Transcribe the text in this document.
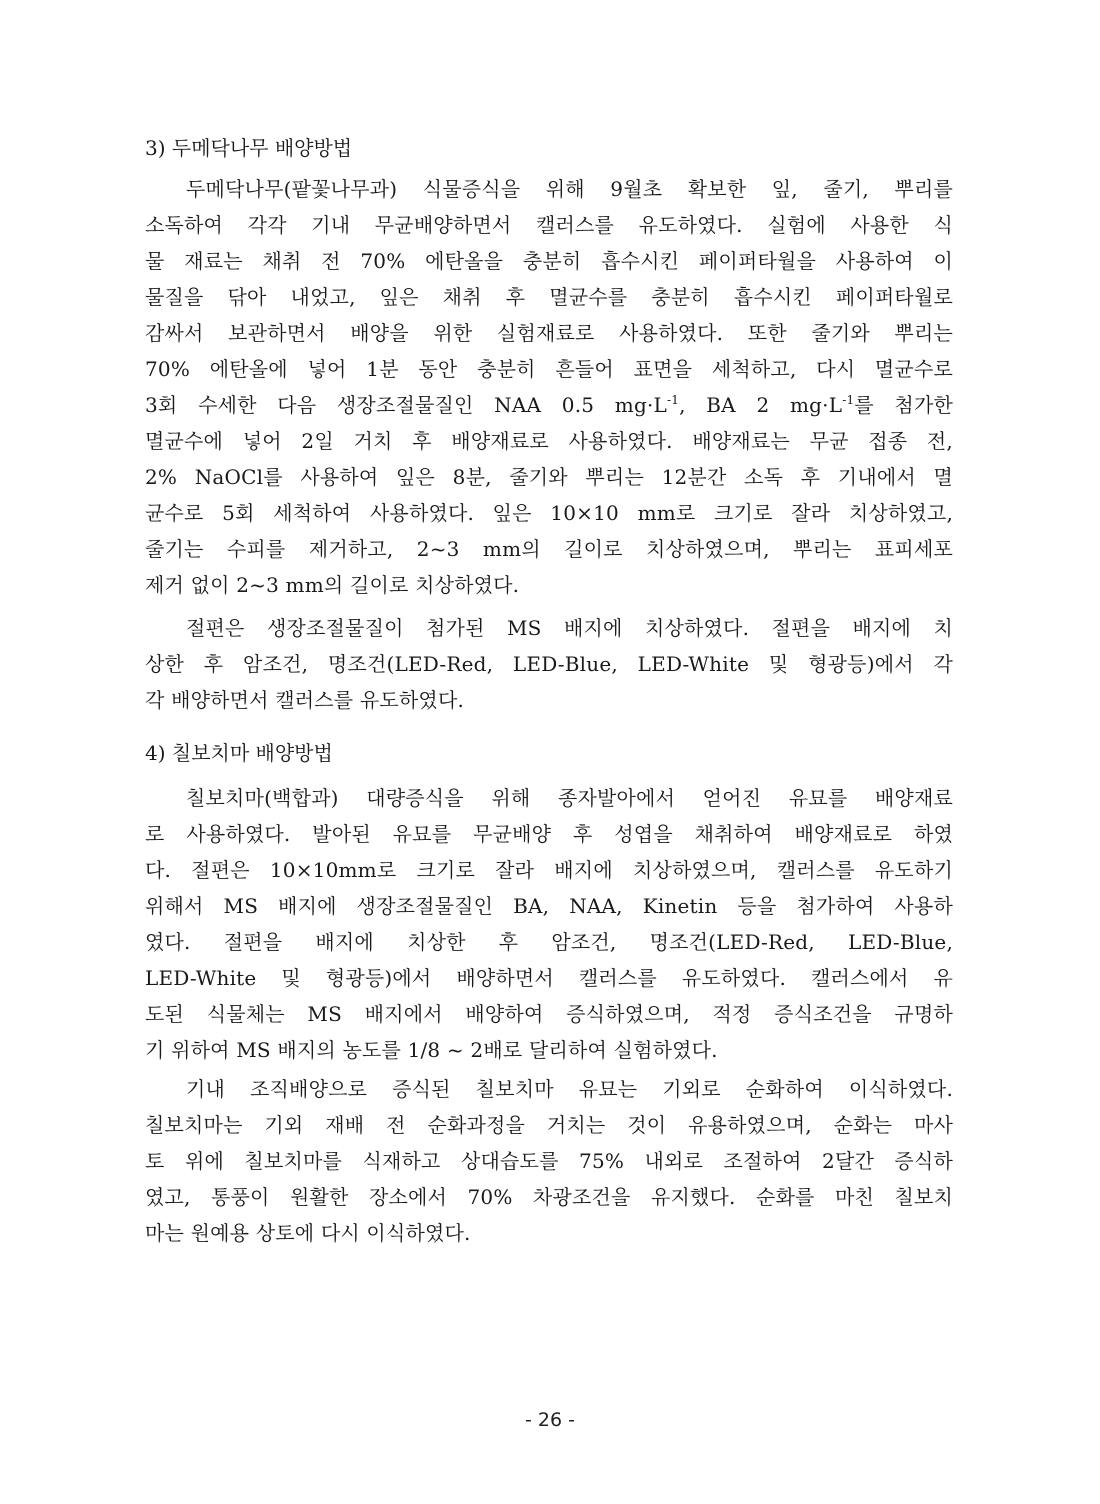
3) 두메닥나무 배양방법
두메닥나무(팥꽃나무과) 식물증식을 위해 9월초 확보한 잎, 줄기, 뿌리를
소독하여 각각 기내 무균배양하면서 캘러스를 유도하였다. 실험에 사용한 식
물 재료는 채취 전 70% 에탄올을 충분히 흡수시킨 페이퍼타월을 사용하여 이
물질을 닦아 내었고, 잎은 채취 후 멸균수를 충분히 흡수시킨 페이퍼타월로
감싸서 보관하면서 배양을 위한 실험재료로 사용하였다. 또한 줄기와 뿌리는
70% 에탄올에 넣어 1분 동안 충분히 흔들어 표면을 세척하고, 다시 멸균수로
3회 수세한 다음 생장조절물질인 NAA 0.5 $mg\cdot L^{-1}$, BA 2 $mg\cdot L^{-1}$를 첨가한
멸균수에 넣어 2일 거치 후 배양재료로 사용하였다. 배양재료는 무균 접종 전,
2% NaOCl를 사용하여 잎은 8분, 줄기와 뿌리는 12분간 소독 후 기내에서 멸
균수로 5회 세척하여 사용하였다. 잎은 10×10 mm로 크기로 잘라 치상하였고,
줄기는 수피를 제거하고, 2~3 mm의 길이로 치상하였으며, 뿌리는 표피세포
제거 없이 2~3 mm의 길이로 치상하였다.
절편은 생장조절물질이 첨가된 MS 배지에 치상하였다. 절편을 배지에 치
상한 후 암조건, 명조건(LED-Red, LED-Blue, LED-White 및 형광등)에서 각
각 배양하면서 캘러스를 유도하였다.
4) 칠보치마 배양방법
칠보치마(백합과) 대량증식을 위해 종자발아에서 얻어진 유묘를 배양재료
로 사용하였다. 발아된 유묘를 무균배양 후 성엽을 채취하여 배양재료로 하였
다. 절편은 10×10mm로 크기로 잘라 배지에 치상하였으며, 캘러스를 유도하기
위해서 MS 배지에 생장조절물질인 BA, NAA, Kinetin 등을 첨가하여 사용하
였다. 절편을 배지에 치상한 후 암조건, 명조건(LED-Red, LED-Blue,
LED-White 및 형광등)에서 배양하면서 캘러스를 유도하였다. 캘러스에서 유
도된 식물체는 MS 배지에서 배양하여 증식하였으며, 적정 증식조건을 규명하
기 위하여 MS 배지의 농도를 1/8 ~ 2배로 달리하여 실험하였다.
기내 조직배양으로 증식된 칠보치마 유묘는 기외로 순화하여 이식하였다.
칠보치마는 기외 재배 전 순화과정을 거치는 것이 유용하였으며, 순화는 마사
토 위에 칠보치마를 식재하고 상대습도를 75% 내외로 조절하여 2달간 증식하
였고, 통풍이 원활한 장소에서 70% 차광조건을 유지했다. 순화를 마친 칠보치
마는 원예용 상토에 다시 이식하였다.
- 26 -
